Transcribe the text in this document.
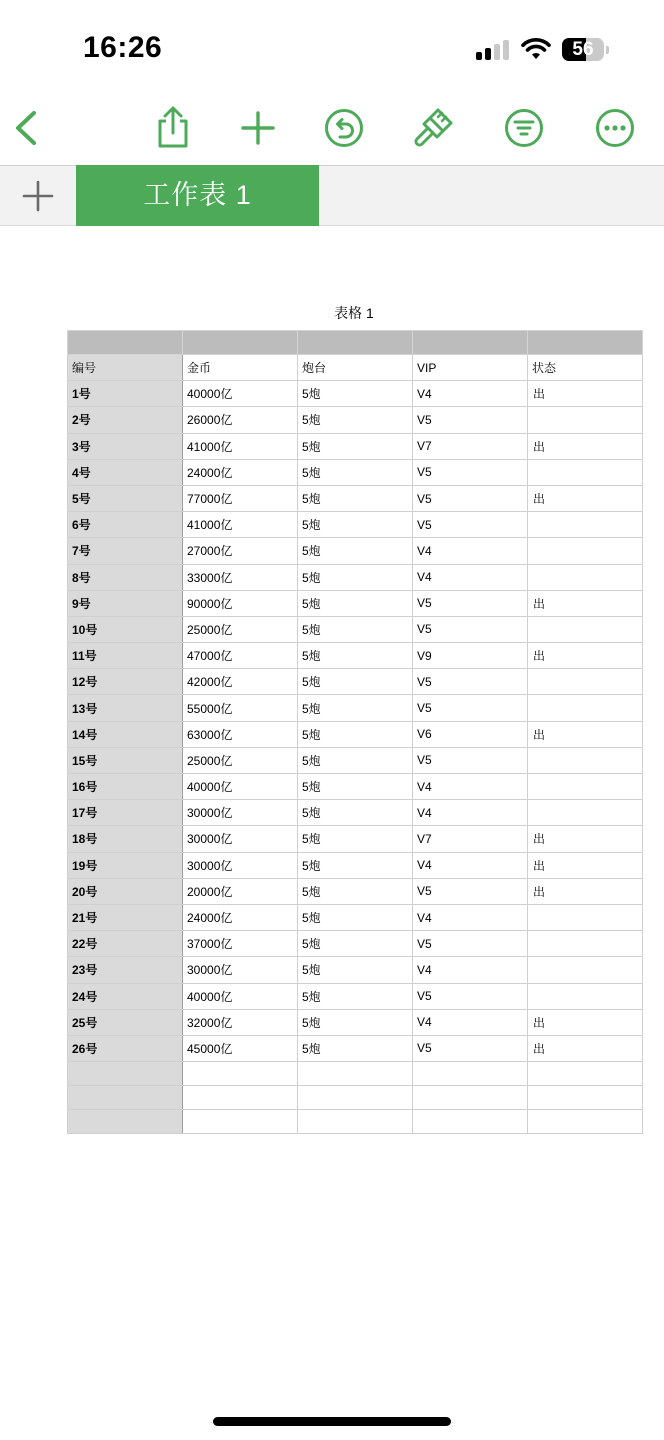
16:26	56
工作表 1
表格 1

编号	金币	炮台	VIP	状态
1号	40000亿	5炮	V4	出
2号	26000亿	5炮	V5	
3号	41000亿	5炮	V7	出
4号	24000亿	5炮	V5	
5号	77000亿	5炮	V5	出
6号	41000亿	5炮	V5	
7号	27000亿	5炮	V4	
8号	33000亿	5炮	V4	
9号	90000亿	5炮	V5	出
10号	25000亿	5炮	V5	
11号	47000亿	5炮	V9	出
12号	42000亿	5炮	V5	
13号	55000亿	5炮	V5	
14号	63000亿	5炮	V6	出
15号	25000亿	5炮	V5	
16号	40000亿	5炮	V4	
17号	30000亿	5炮	V4	
18号	30000亿	5炮	V7	出
19号	30000亿	5炮	V4	出
20号	20000亿	5炮	V5	出
21号	24000亿	5炮	V4	
22号	37000亿	5炮	V5	
23号	30000亿	5炮	V4	
24号	40000亿	5炮	V5	
25号	32000亿	5炮	V4	出
26号	45000亿	5炮	V5	出
